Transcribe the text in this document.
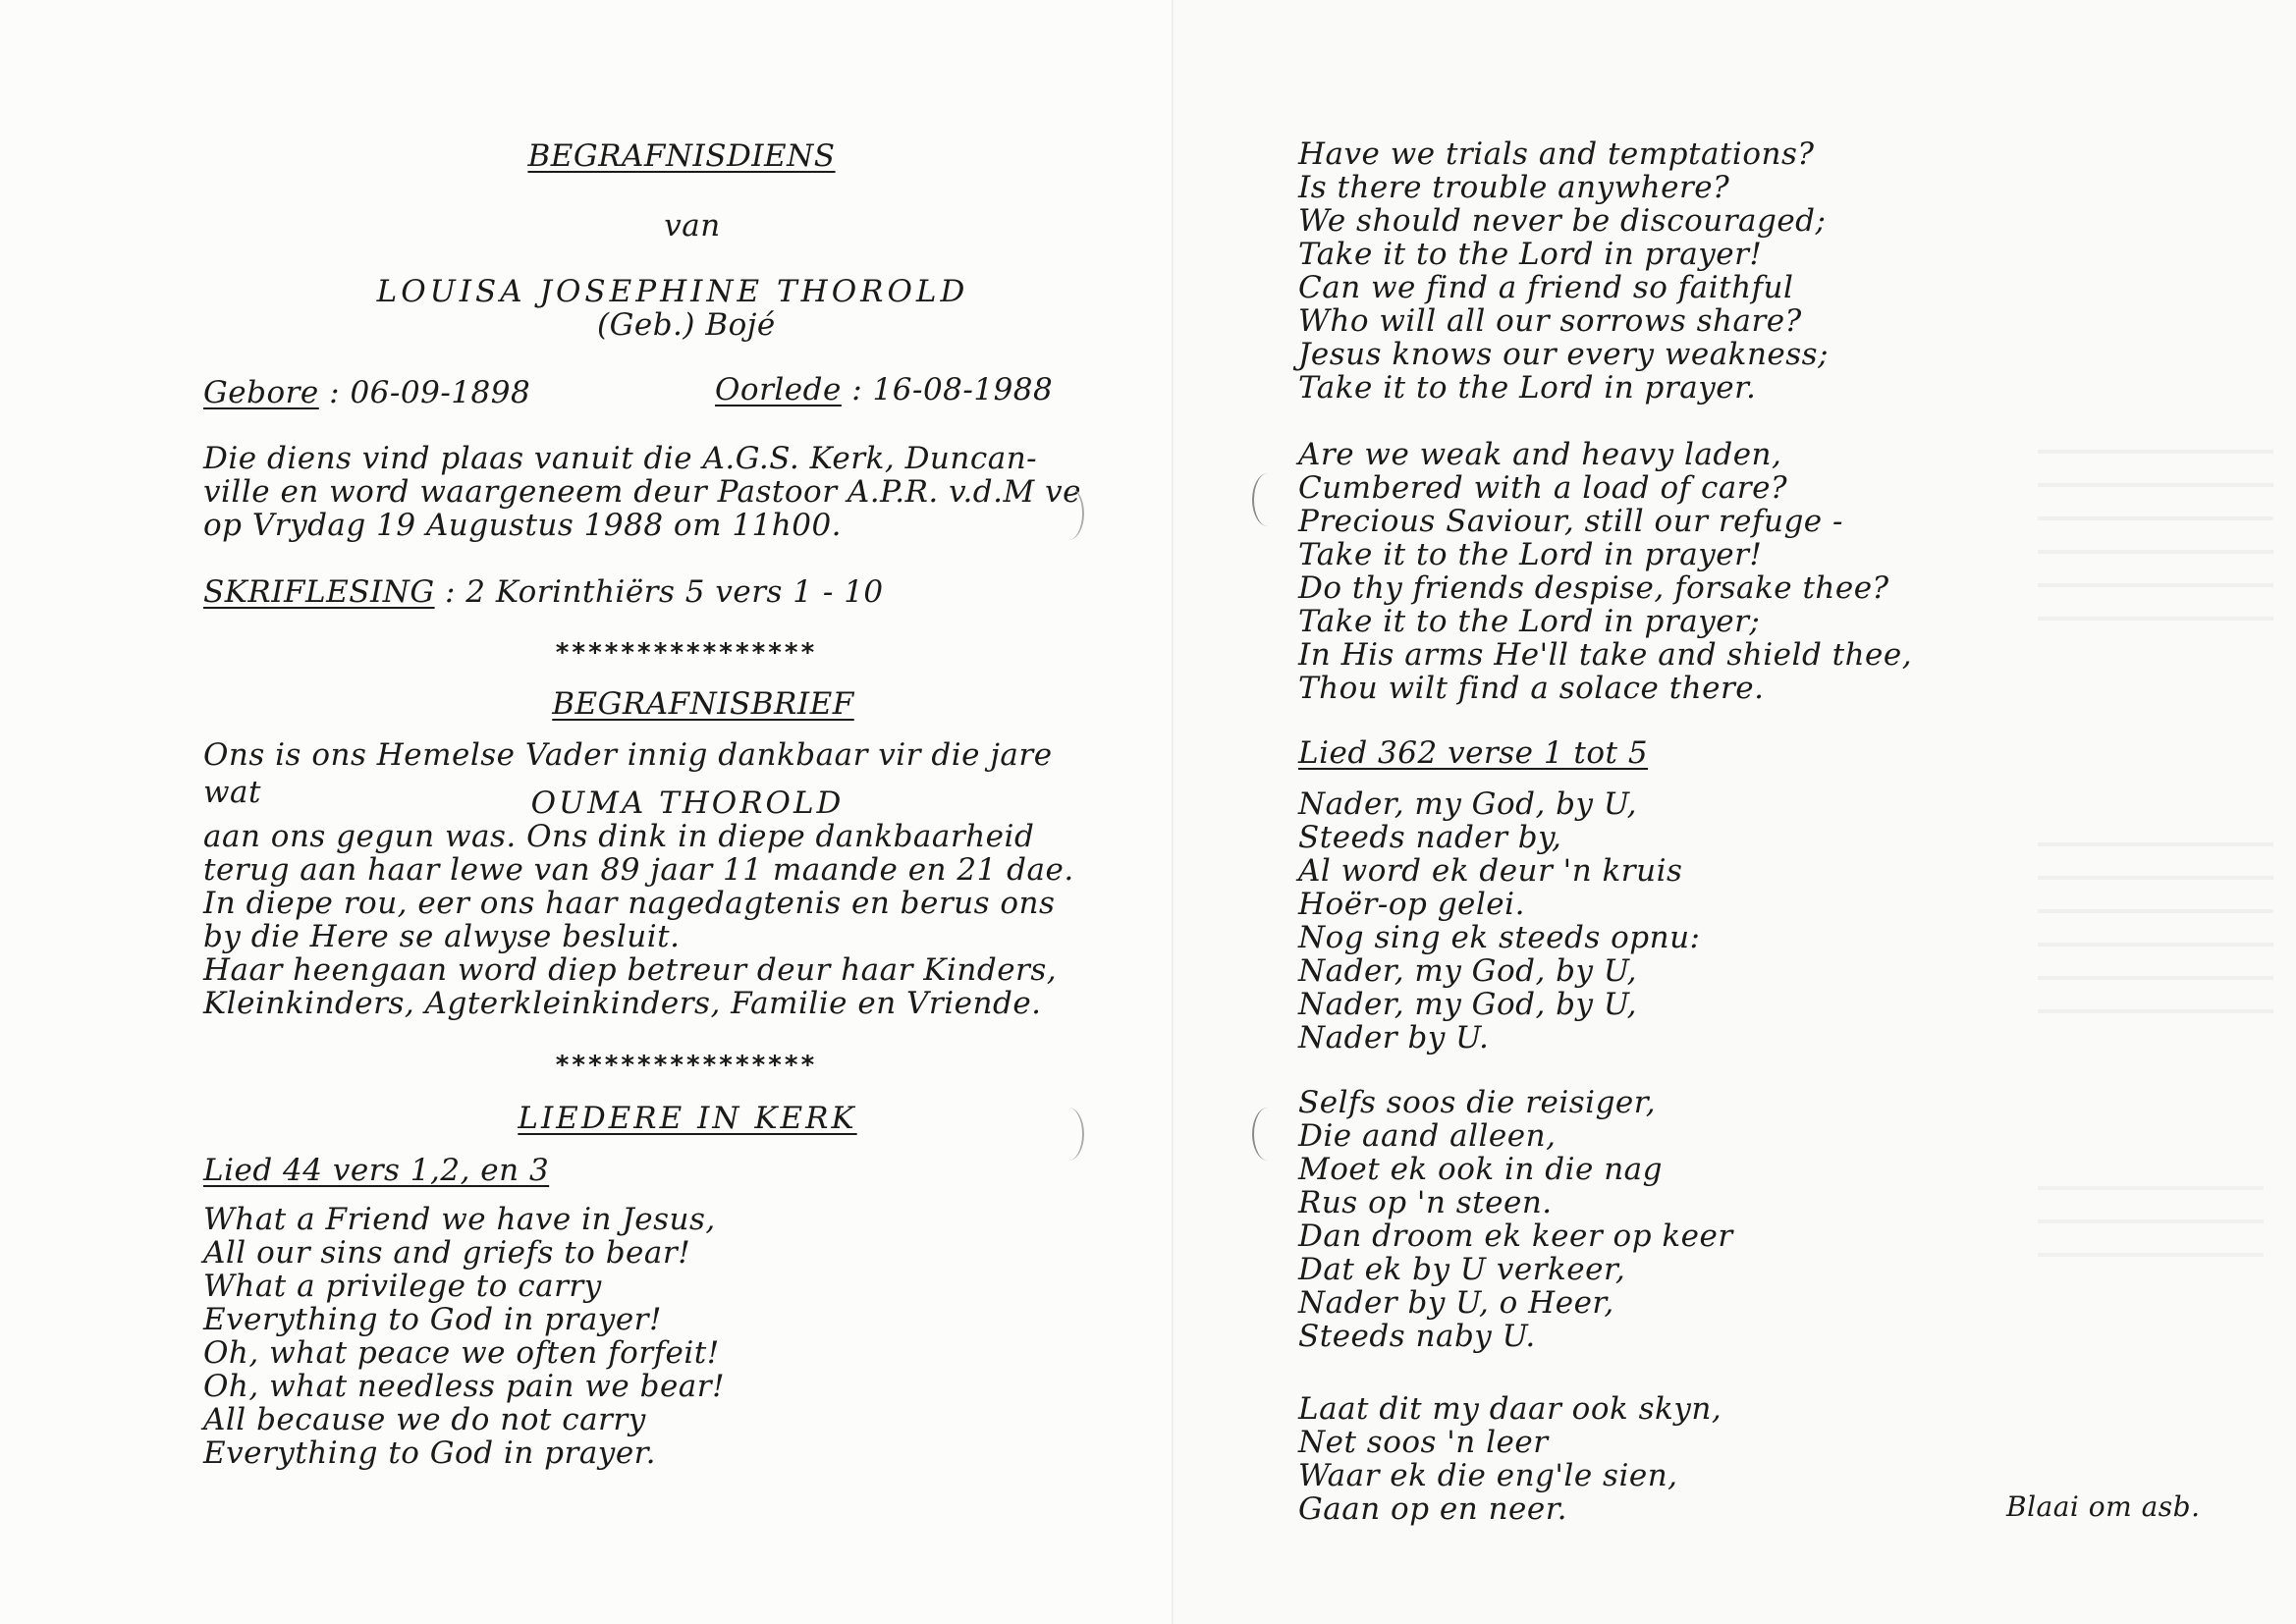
BEGRAFNISDIENS
van
LOUISA JOSEPHINE THOROLD
(Geb.) Bojé
Gebore : 06-09-1898	Oorlede : 16-08-1988
Die diens vind plaas vanuit die A.G.S. Kerk, Duncan-
ville en word waargeneem deur Pastoor A.P.R. v.d.M ve
op Vrydag 19 Augustus 1988 om 11h00.
SKRIFLESING : 2 Korinthiërs 5 vers 1 - 10
****************
BEGRAFNISBRIEF
Ons is ons Hemelse Vader innig dankbaar vir die jare
wat	OUMA THOROLD
aan ons gegun was. Ons dink in diepe dankbaarheid
terug aan haar lewe van 89 jaar 11 maande en 21 dae.
In diepe rou, eer ons haar nagedagtenis en berus ons
by die Here se alwyse besluit.
Haar heengaan word diep betreur deur haar Kinders,
Kleinkinders, Agterkleinkinders, Familie en Vriende.
****************
LIEDERE IN KERK
Lied 44 vers 1,2, en 3
What a Friend we have in Jesus,
All our sins and griefs to bear!
What a privilege to carry
Everything to God in prayer!
Oh, what peace we often forfeit!
Oh, what needless pain we bear!
All because we do not carry
Everything to God in prayer.
Have we trials and temptations?
Is there trouble anywhere?
We should never be discouraged;
Take it to the Lord in prayer!
Can we find a friend so faithful
Who will all our sorrows share?
Jesus knows our every weakness;
Take it to the Lord in prayer.
Are we weak and heavy laden,
Cumbered with a load of care?
Precious Saviour, still our refuge -
Take it to the Lord in prayer!
Do thy friends despise, forsake thee?
Take it to the Lord in prayer;
In His arms He'll take and shield thee,
Thou wilt find a solace there.
Lied 362 verse 1 tot 5
Nader, my God, by U,
Steeds nader by,
Al word ek deur 'n kruis
Hoër-op gelei.
Nog sing ek steeds opnu:
Nader, my God, by U,
Nader, my God, by U,
Nader by U.
Selfs soos die reisiger,
Die aand alleen,
Moet ek ook in die nag
Rus op 'n steen.
Dan droom ek keer op keer
Dat ek by U verkeer,
Nader by U, o Heer,
Steeds naby U.
Laat dit my daar ook skyn,
Net soos 'n leer
Waar ek die eng'le sien,
Gaan op en neer.	Blaai om asb.
